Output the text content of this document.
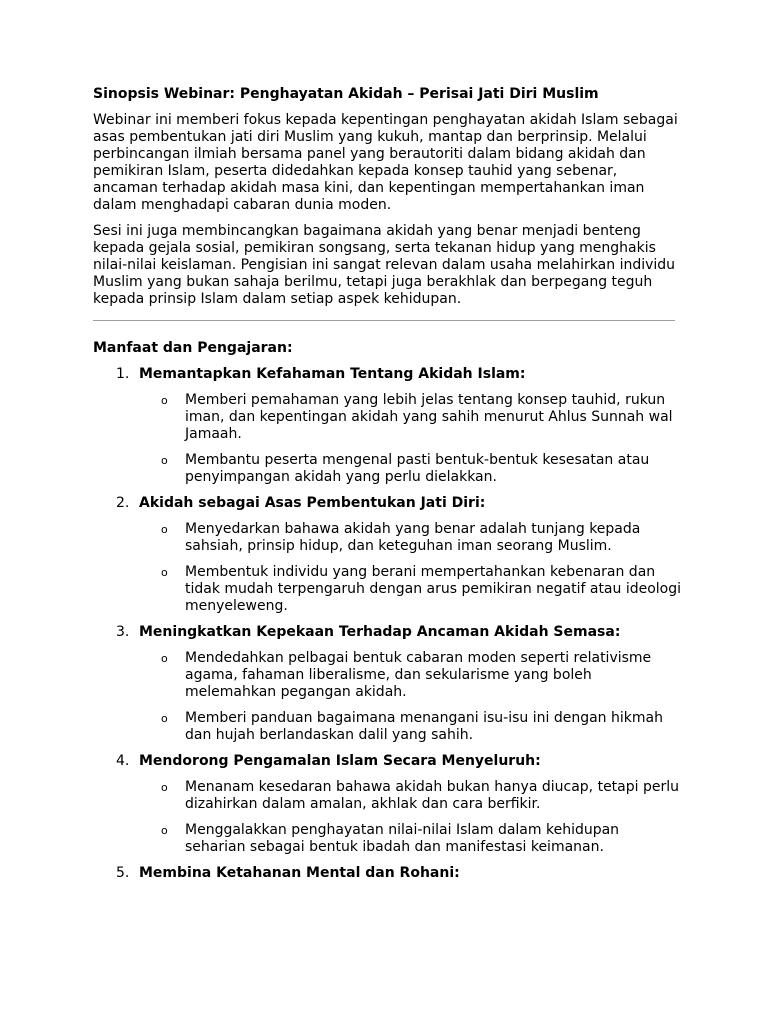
Sinopsis Webinar: Penghayatan Akidah – Perisai Jati Diri Muslim

Webinar ini memberi fokus kepada kepentingan penghayatan akidah Islam sebagai asas pembentukan jati diri Muslim yang kukuh, mantap dan berprinsip. Melalui perbincangan ilmiah bersama panel yang berautoriti dalam bidang akidah dan pemikiran Islam, peserta didedahkan kepada konsep tauhid yang sebenar, ancaman terhadap akidah masa kini, dan kepentingan mempertahankan iman dalam menghadapi cabaran dunia moden.

Sesi ini juga membincangkan bagaimana akidah yang benar menjadi benteng kepada gejala sosial, pemikiran songsang, serta tekanan hidup yang menghakis nilai-nilai keislaman. Pengisian ini sangat relevan dalam usaha melahirkan individu Muslim yang bukan sahaja berilmu, tetapi juga berakhlak dan berpegang teguh kepada prinsip Islam dalam setiap aspek kehidupan.

Manfaat dan Pengajaran:
1. Memantapkan Kefahaman Tentang Akidah Islam:
o Memberi pemahaman yang lebih jelas tentang konsep tauhid, rukun iman, dan kepentingan akidah yang sahih menurut Ahlus Sunnah wal Jamaah.
o Membantu peserta mengenal pasti bentuk-bentuk kesesatan atau penyimpangan akidah yang perlu dielakkan.
2. Akidah sebagai Asas Pembentukan Jati Diri:
o Menyedarkan bahawa akidah yang benar adalah tunjang kepada sahsiah, prinsip hidup, dan keteguhan iman seorang Muslim.
o Membentuk individu yang berani mempertahankan kebenaran dan tidak mudah terpengaruh dengan arus pemikiran negatif atau ideologi menyeleweng.
3. Meningkatkan Kepekaan Terhadap Ancaman Akidah Semasa:
o Mendedahkan pelbagai bentuk cabaran moden seperti relativisme agama, fahaman liberalisme, dan sekularisme yang boleh melemahkan pegangan akidah.
o Memberi panduan bagaimana menangani isu-isu ini dengan hikmah dan hujah berlandaskan dalil yang sahih.
4. Mendorong Pengamalan Islam Secara Menyeluruh:
o Menanam kesedaran bahawa akidah bukan hanya diucap, tetapi perlu dizahirkan dalam amalan, akhlak dan cara berfikir.
o Menggalakkan penghayatan nilai-nilai Islam dalam kehidupan seharian sebagai bentuk ibadah dan manifestasi keimanan.
5. Membina Ketahanan Mental dan Rohani:
